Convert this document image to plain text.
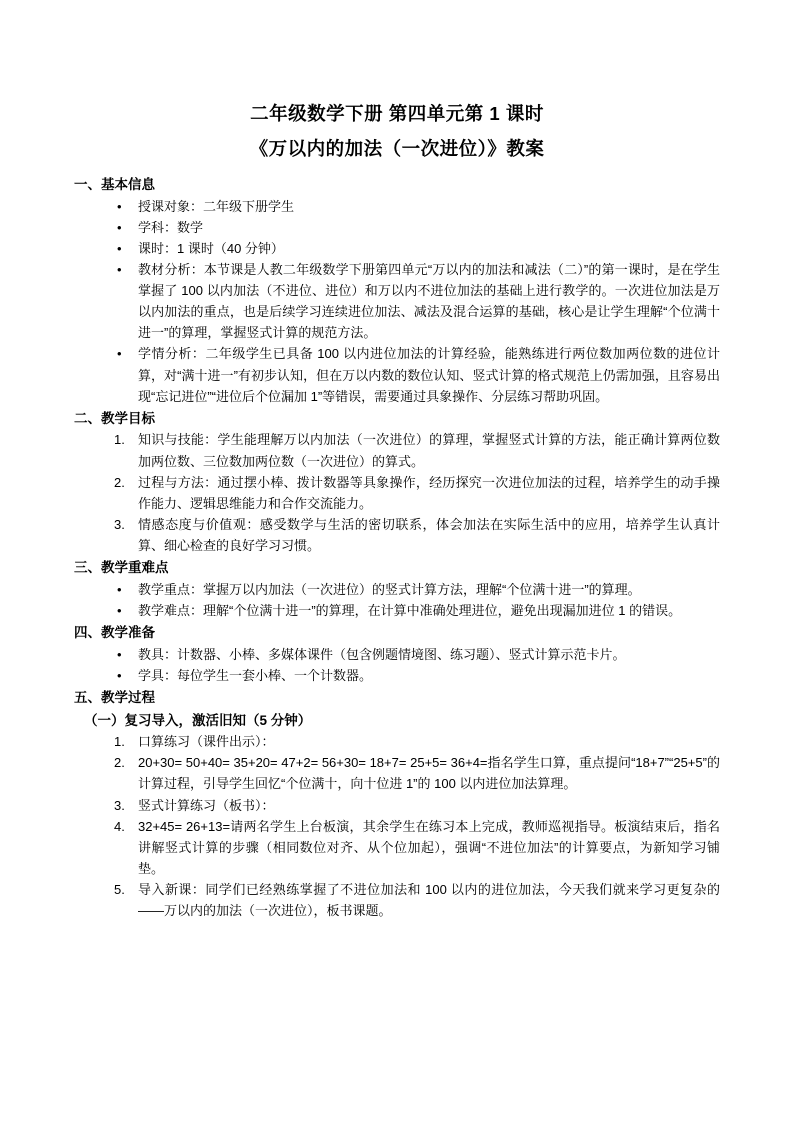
二年级数学下册 第四单元第 1 课时
《万以内的加法（一次进位）》教案
一、基本信息
• 授课对象：二年级下册学生
• 学科：数学
• 课时：1 课时（40 分钟）
• 教材分析：本节课是人教二年级数学下册第四单元“万以内的加法和减法（二）”的第一课时，是在学生掌握了 100 以内加法（不进位、进位）和万以内不进位加法的基础上进行教学的。一次进位加法是万以内加法的重点，也是后续学习连续进位加法、减法及混合运算的基础，核心是让学生理解“个位满十进一”的算理，掌握竖式计算的规范方法。
• 学情分析：二年级学生已具备 100 以内进位加法的计算经验，能熟练进行两位数加两位数的进位计算，对“满十进一”有初步认知，但在万以内数的数位认知、竖式计算的格式规范上仍需加强，且容易出现“忘记进位”“进位后个位漏加 1”等错误，需要通过具象操作、分层练习帮助巩固。
二、教学目标
知识与技能：学生能理解万以内加法（一次进位）的算理，掌握竖式计算的方法，能正确计算两位数加两位数、三位数加两位数（一次进位）的算式。
过程与方法：通过摆小棒、拨计数器等具象操作，经历探究一次进位加法的过程，培养学生的动手操作能力、逻辑思维能力和合作交流能力。
情感态度与价值观：感受数学与生活的密切联系，体会加法在实际生活中的应用，培养学生认真计算、细心检查的良好学习习惯。
三、教学重难点
• 教学重点：掌握万以内加法（一次进位）的竖式计算方法，理解“个位满十进一”的算理。
• 教学难点：理解“个位满十进一”的算理，在计算中准确处理进位，避免出现漏加进位 1 的错误。
四、教学准备
• 教具：计数器、小棒、多媒体课件（包含例题情境图、练习题）、竖式计算示范卡片。
• 学具：每位学生一套小棒、一个计数器。
五、教学过程
（一）复习导入，激活旧知（5 分钟）
口算练习（课件出示）：
20+30= 50+40= 35+20= 47+2= 56+30= 18+7= 25+5= 36+4=指名学生口算，重点提问“18+7”“25+5”的计算过程，引导学生回忆“个位满十，向十位进 1”的 100 以内进位加法算理。
竖式计算练习（板书）：
32+45= 26+13=请两名学生上台板演，其余学生在练习本上完成，教师巡视指导。板演结束后，指名讲解竖式计算的步骤（相同数位对齐、从个位加起），强调“不进位加法”的计算要点，为新知学习铺垫。
导入新课：同学们已经熟练掌握了不进位加法和 100 以内的进位加法，今天我们就来学习更复杂的——万以内的加法（一次进位），板书课题。
